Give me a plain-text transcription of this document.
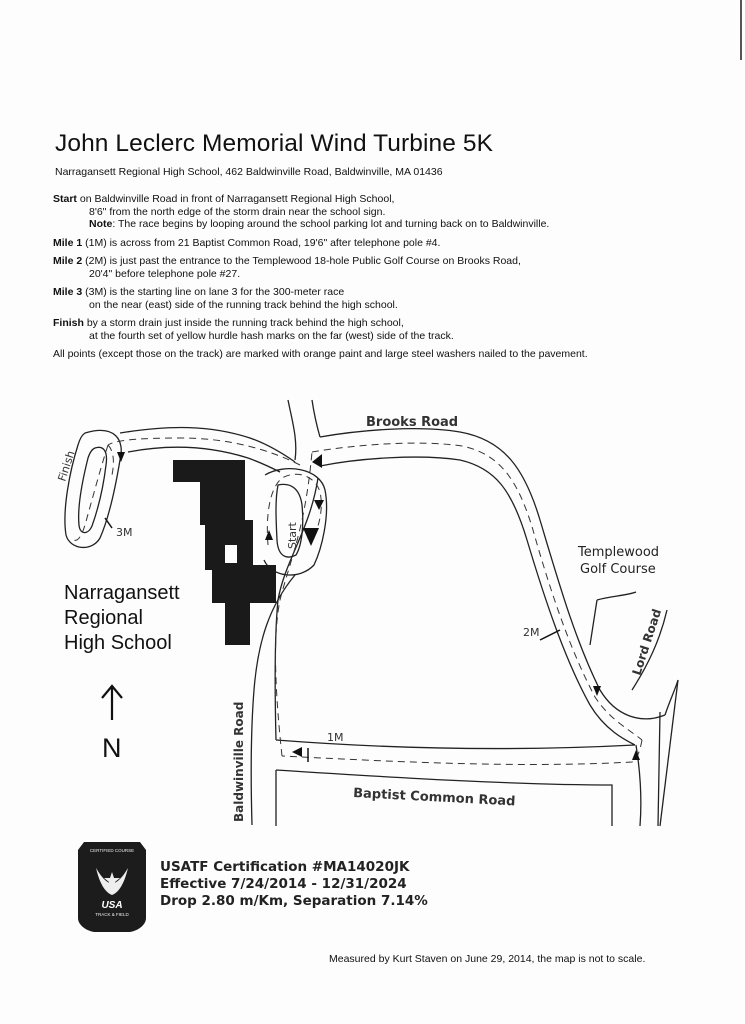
John Leclerc Memorial Wind Turbine 5K
Narragansett Regional High School, 462 Baldwinville Road, Baldwinville, MA 01436

Start on Baldwinville Road in front of Narragansett Regional High School,
8'6" from the north edge of the storm drain near the school sign.
Note: The race begins by looping around the school parking lot and turning back on to Baldwinville.

Mile 1 (1M) is across from 21 Baptist Common Road, 19'6" after telephone pole #4.

Mile 2 (2M) is just past the entrance to the Templewood 18-hole Public Golf Course on Brooks Road,
20'4" before telephone pole #27.

Mile 3 (3M) is the starting line on lane 3 for the 300-meter race
on the near (east) side of the running track behind the high school.

Finish by a storm drain just inside the running track behind the high school,
at the fourth set of yellow hurdle hash marks on the far (west) side of the track.

All points (except those on the track) are marked with orange paint and large steel washers nailed to the pavement.

Brooks Road
Finish
Start
3M
2M
1M
Narragansett
Regional
High School
Templewood
Golf Course
Lord Road
Baldwinville Road	Baptist Common Road
N
CERTIFIED COURSE
USA
TRACK & FIELD
USATF Certification #MA14020JK
Effective 7/24/2014 - 12/31/2024
Drop 2.80 m/Km, Separation 7.14%
Measured by Kurt Staven on June 29, 2014, the map is not to scale.
